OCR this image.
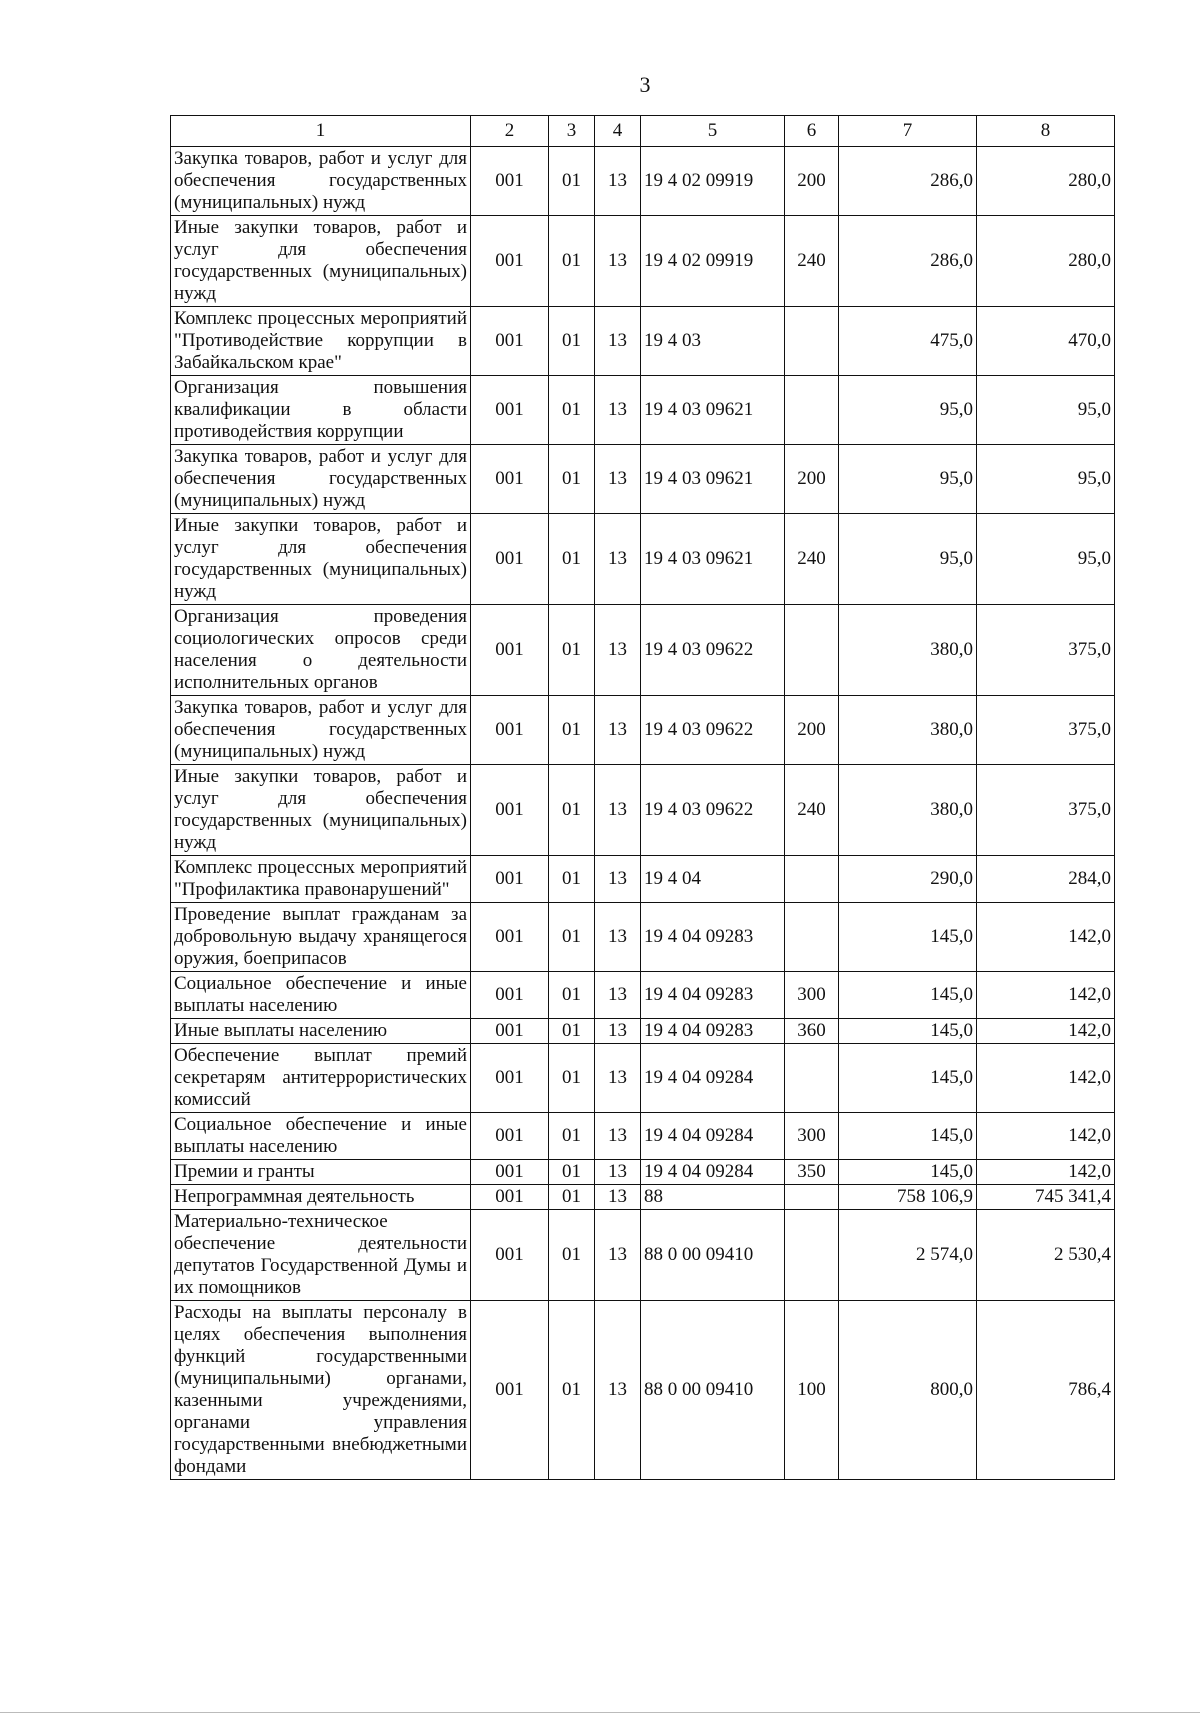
3
1	2	3	4	5	6	7	8
Закупка товаров, работ и услуг для обеспечения государственных (муниципальных) нужд	001	01	13	19 4 02 09919	200	286,0	280,0
Иные закупки товаров, работ и услуг для обеспечения государственных (муниципальных) нужд	001	01	13	19 4 02 09919	240	286,0	280,0
Комплекс процессных мероприятий "Противодействие коррупции в Забайкальском крае"	001	01	13	19 4 03		475,0	470,0
Организация повышения квалификации в области противодействия коррупции	001	01	13	19 4 03 09621		95,0	95,0
Закупка товаров, работ и услуг для обеспечения государственных (муниципальных) нужд	001	01	13	19 4 03 09621	200	95,0	95,0
Иные закупки товаров, работ и услуг для обеспечения государственных (муниципальных) нужд	001	01	13	19 4 03 09621	240	95,0	95,0
Организация проведения социологических опросов среди населения о деятельности исполнительных органов	001	01	13	19 4 03 09622		380,0	375,0
Закупка товаров, работ и услуг для обеспечения государственных (муниципальных) нужд	001	01	13	19 4 03 09622	200	380,0	375,0
Иные закупки товаров, работ и услуг для обеспечения государственных (муниципальных) нужд	001	01	13	19 4 03 09622	240	380,0	375,0
Комплекс процессных мероприятий "Профилактика правонарушений"	001	01	13	19 4 04		290,0	284,0
Проведение выплат гражданам за добровольную выдачу хранящегося оружия, боеприпасов	001	01	13	19 4 04 09283		145,0	142,0
Социальное обеспечение и иные выплаты населению	001	01	13	19 4 04 09283	300	145,0	142,0
Иные выплаты населению	001	01	13	19 4 04 09283	360	145,0	142,0
Обеспечение выплат премий секретарям антитеррористических комиссий	001	01	13	19 4 04 09284		145,0	142,0
Социальное обеспечение и иные выплаты населению	001	01	13	19 4 04 09284	300	145,0	142,0
Премии и гранты	001	01	13	19 4 04 09284	350	145,0	142,0
Непрограммная деятельность	001	01	13	88		758 106,9	745 341,4
Материально-техническое обеспечение деятельности депутатов Государственной Думы и их помощников	001	01	13	88 0 00 09410		2 574,0	2 530,4
Расходы на выплаты персоналу в целях обеспечения выполнения функций государственными (муниципальными) органами, казенными учреждениями, органами управления государственными внебюджетными фондами	001	01	13	88 0 00 09410	100	800,0	786,4
